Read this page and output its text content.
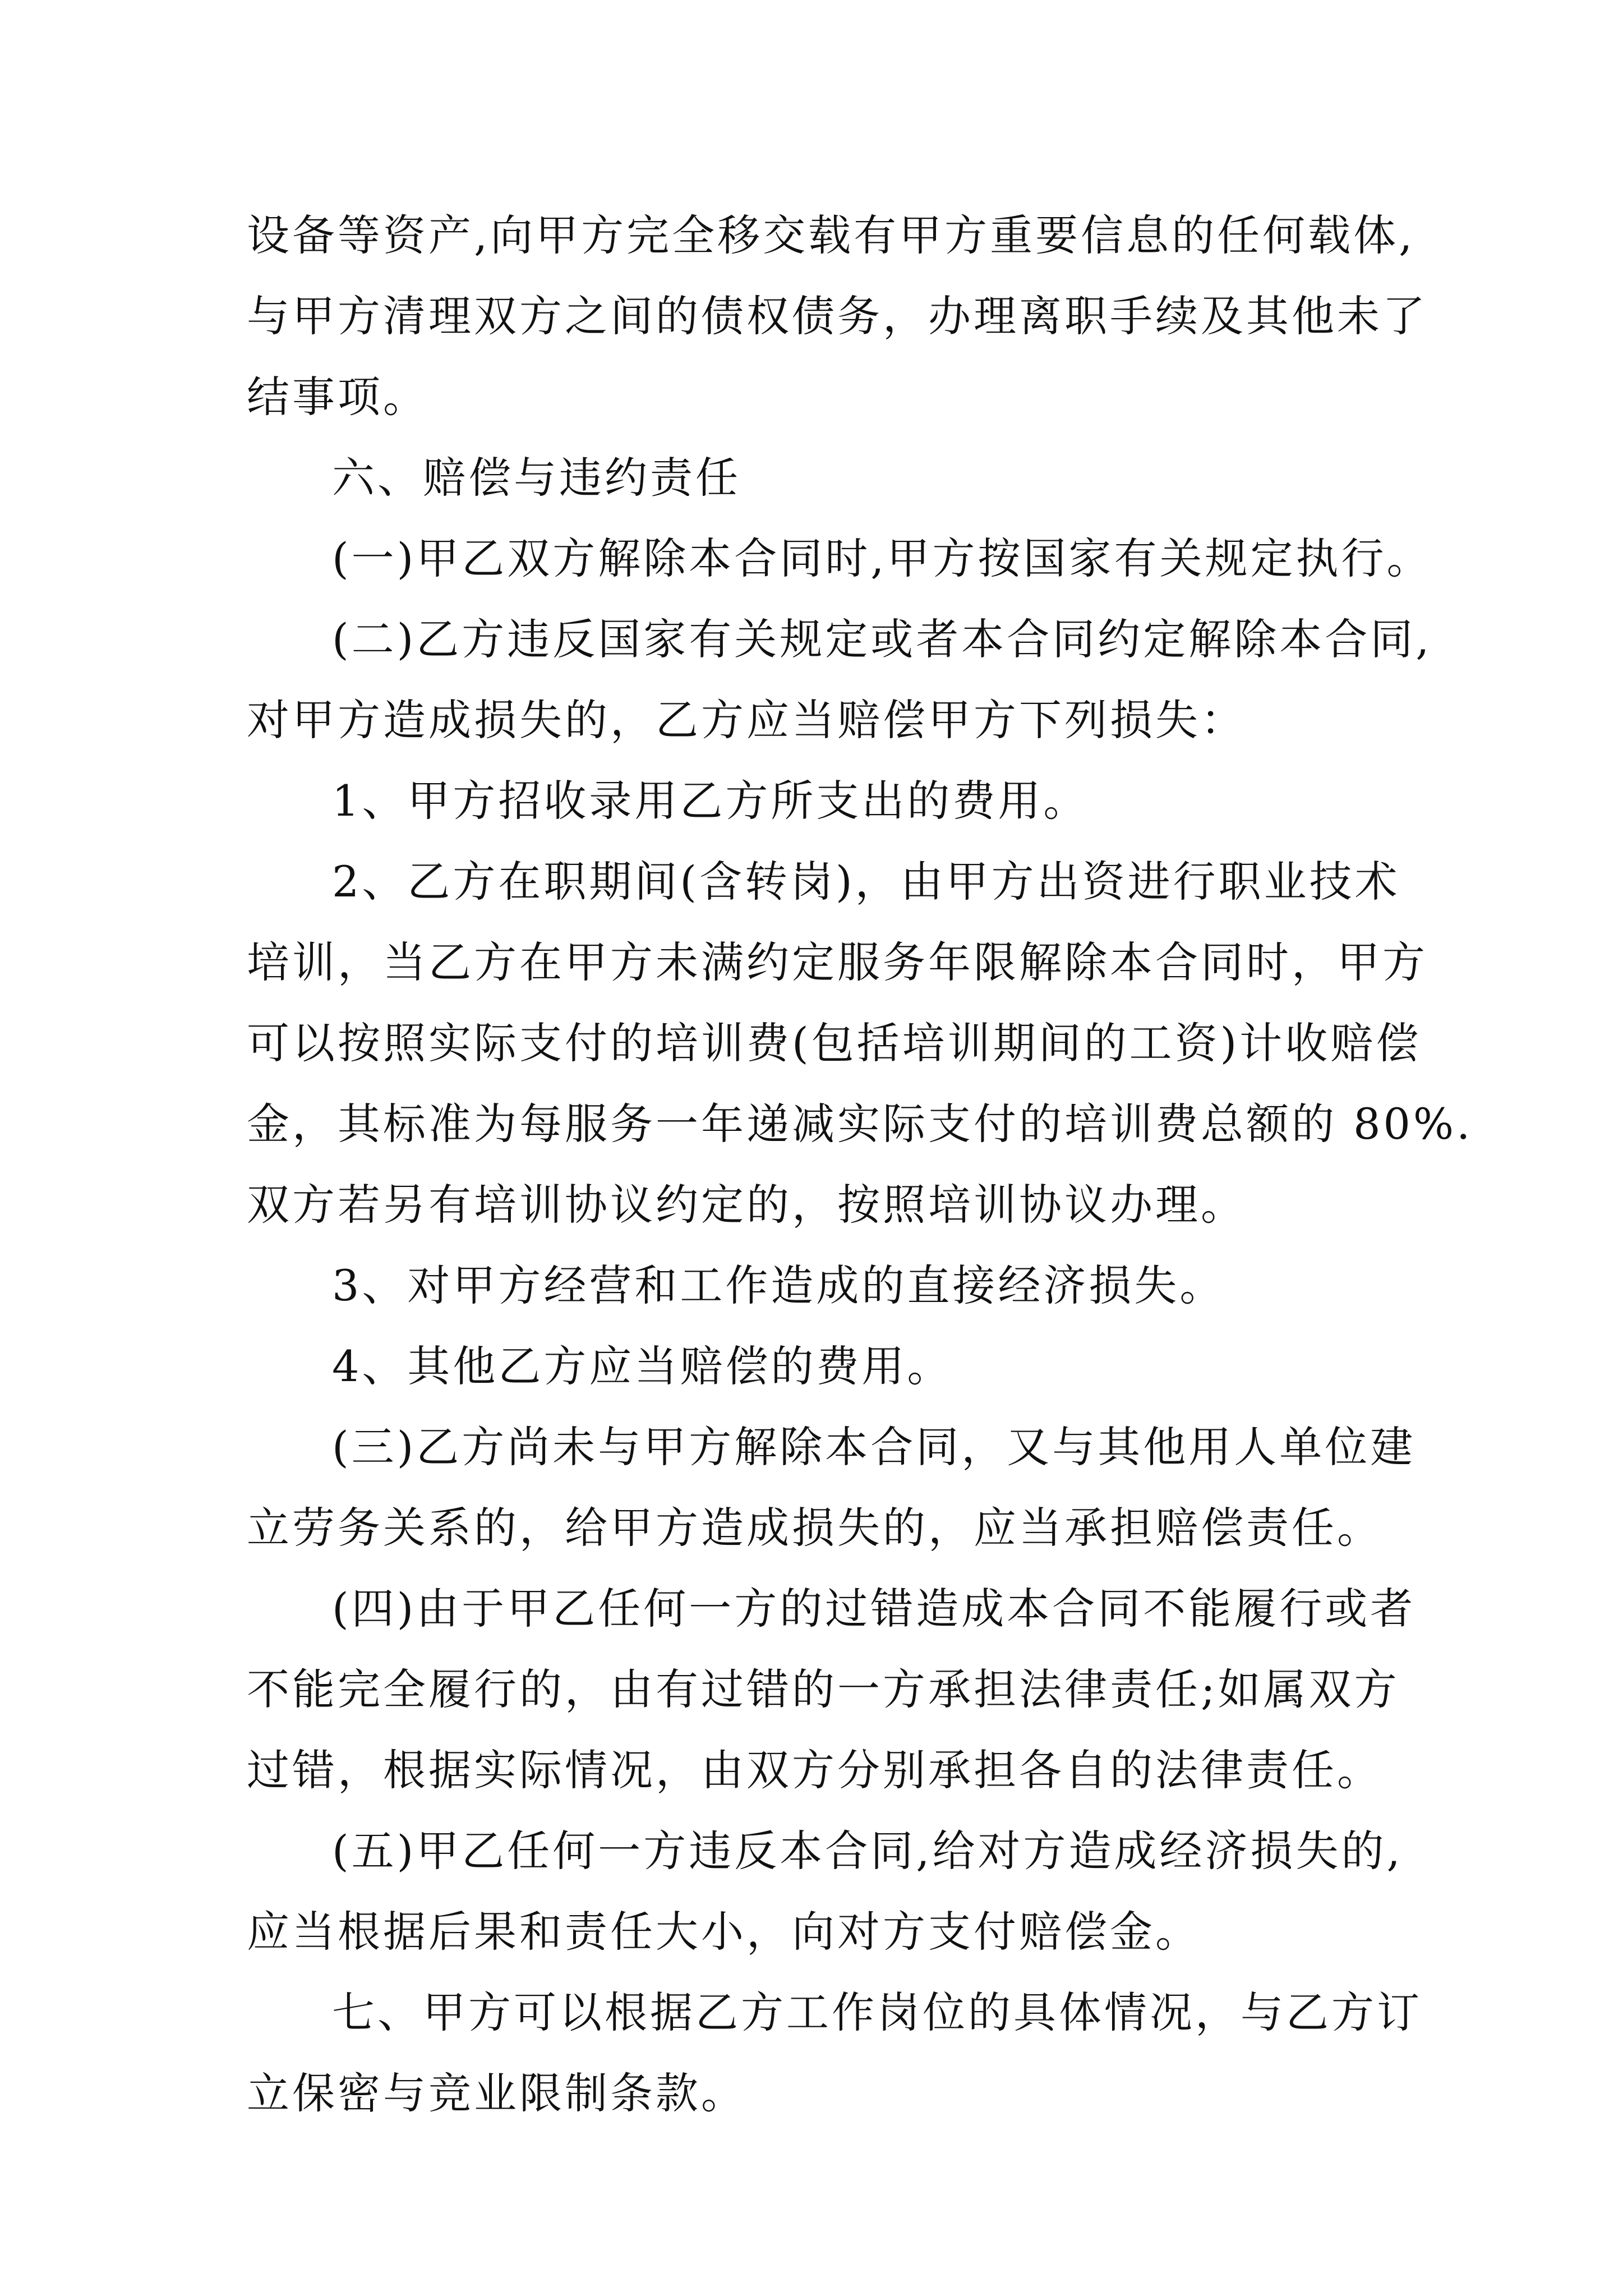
设备等资产,向甲方完全移交载有甲方重要信息的任何载体,
与甲方清理双方之间的债权债务，办理离职手续及其他未了
结事项。
六、赔偿与违约责任
(一)甲乙双方解除本合同时,甲方按国家有关规定执行。
(二)乙方违反国家有关规定或者本合同约定解除本合同,
对甲方造成损失的，乙方应当赔偿甲方下列损失：
1、甲方招收录用乙方所支出的费用。
2、乙方在职期间(含转岗)，由甲方出资进行职业技术
培训，当乙方在甲方未满约定服务年限解除本合同时，甲方
可以按照实际支付的培训费(包括培训期间的工资)计收赔偿
金，其标准为每服务一年递减实际支付的培训费总额的 80%.
双方若另有培训协议约定的，按照培训协议办理。
3、对甲方经营和工作造成的直接经济损失。
4、其他乙方应当赔偿的费用。
(三)乙方尚未与甲方解除本合同，又与其他用人单位建
立劳务关系的，给甲方造成损失的，应当承担赔偿责任。
(四)由于甲乙任何一方的过错造成本合同不能履行或者
不能完全履行的，由有过错的一方承担法律责任;如属双方
过错，根据实际情况，由双方分别承担各自的法律责任。
(五)甲乙任何一方违反本合同,给对方造成经济损失的,
应当根据后果和责任大小，向对方支付赔偿金。
七、甲方可以根据乙方工作岗位的具体情况，与乙方订
立保密与竞业限制条款。
